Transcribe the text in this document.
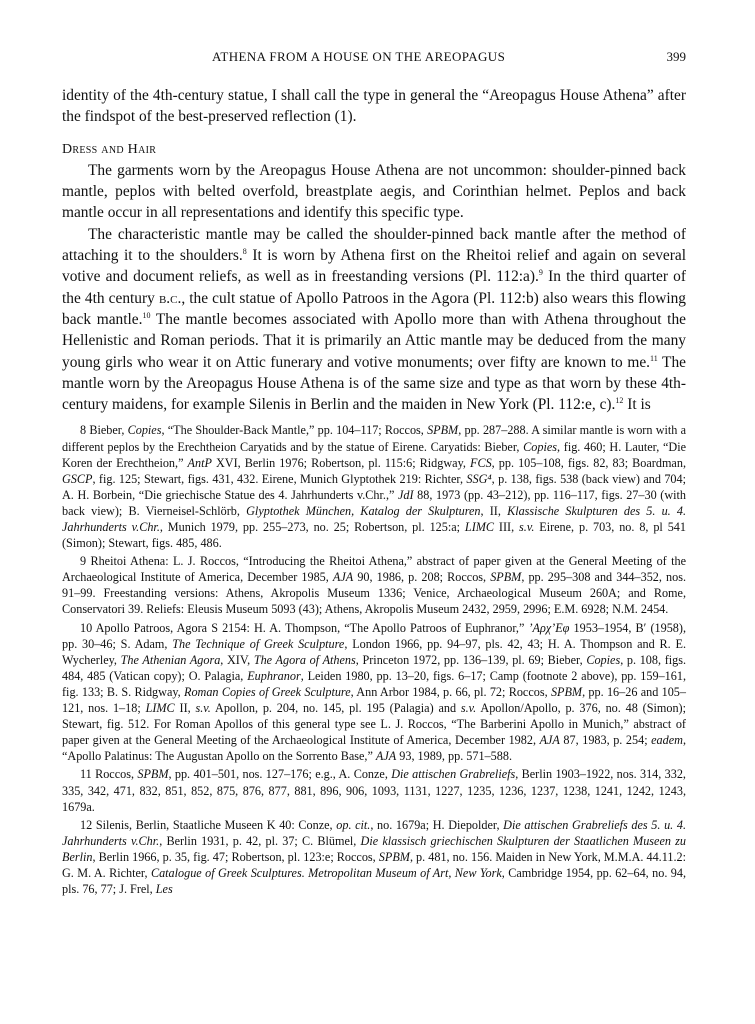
ATHENA FROM A HOUSE ON THE AREOPAGUS	399

identity of the 4th-century statue, I shall call the type in general the “Areopagus House Athena” after the findspot of the best-preserved reflection (1).

Dress and Hair

The garments worn by the Areopagus House Athena are not uncommon: shoulder-pinned back mantle, peplos with belted overfold, breastplate aegis, and Corinthian helmet. Peplos and back mantle occur in all representations and identify this specific type.

The characteristic mantle may be called the shoulder-pinned back mantle after the method of attaching it to the shoulders.$^8$ It is worn by Athena first on the Rheitoi relief and again on several votive and document reliefs, as well as in freestanding versions (Pl. 112:a).$^9$ In the third quarter of the 4th century b.c., the cult statue of Apollo Patroos in the Agora (Pl. 112:b) also wears this flowing back mantle.$^{10}$ The mantle becomes associated with Apollo more than with Athena throughout the Hellenistic and Roman periods. That it is primarily an Attic mantle may be deduced from the many young girls who wear it on Attic funerary and votive monuments; over fifty are known to me.$^{11}$ The mantle worn by the Areopagus House Athena is of the same size and type as that worn by these 4th-century maidens, for example Silenis in Berlin and the maiden in New York (Pl. 112:e, c).$^{12}$ It is

8 Bieber, Copies, “The Shoulder-Back Mantle,” pp. 104–117; Roccos, SPBM, pp. 287–288. A similar mantle is worn with a different peplos by the Erechtheion Caryatids and by the statue of Eirene. Caryatids: Bieber, Copies, fig. 460; H. Lauter, “Die Koren der Erechtheion,” AntP XVI, Berlin 1976; Robertson, pl. 115:6; Ridgway, FCS, pp. 105–108, figs. 82, 83; Boardman, GSCP, fig. 125; Stewart, figs. 431, 432. Eirene, Munich Glyptothek 219: Richter, SSG⁴, p. 138, figs. 538 (back view) and 704; A. H. Borbein, “Die griechische Statue des 4. Jahrhunderts v.Chr.,” JdI 88, 1973 (pp. 43–212), pp. 116–117, figs. 27–30 (with back view); B. Vierneisel-Schlörb, Glyptothek München, Katalog der Skulpturen, II, Klassische Skulpturen des 5. u. 4. Jahrhunderts v.Chr., Munich 1979, pp. 255–273, no. 25; Robertson, pl. 125:a; LIMC III, s.v. Eirene, p. 703, no. 8, pl 541 (Simon); Stewart, figs. 485, 486.

9 Rheitoi Athena: L. J. Roccos, “Introducing the Rheitoi Athena,” abstract of paper given at the General Meeting of the Archaeological Institute of America, December 1985, AJA 90, 1986, p. 208; Roccos, SPBM, pp. 295–308 and 344–352, nos. 91–99. Freestanding versions: Athens, Akropolis Museum 1336; Venice, Archaeological Museum 260A; and Rome, Conservatori 39. Reliefs: Eleusis Museum 5093 (43); Athens, Akropolis Museum 2432, 2959, 2996; E.M. 6928; N.M. 2454.

10 Apollo Patroos, Agora S 2154: H. A. Thompson, “The Apollo Patroos of Euphranor,” ’Αρχ’Εφ 1953–1954, Β′ (1958), pp. 30–46; S. Adam, The Technique of Greek Sculpture, London 1966, pp. 94–97, pls. 42, 43; H. A. Thompson and R. E. Wycherley, The Athenian Agora, XIV, The Agora of Athens, Princeton 1972, pp. 136–139, pl. 69; Bieber, Copies, p. 108, figs. 484, 485 (Vatican copy); O. Palagia, Euphranor, Leiden 1980, pp. 13–20, figs. 6–17; Camp (footnote 2 above), pp. 159–161, fig. 133; B. S. Ridgway, Roman Copies of Greek Sculpture, Ann Arbor 1984, p. 66, pl. 72; Roccos, SPBM, pp. 16–26 and 105–121, nos. 1–18; LIMC II, s.v. Apollon, p. 204, no. 145, pl. 195 (Palagia) and s.v. Apollon/Apollo, p. 376, no. 48 (Simon); Stewart, fig. 512. For Roman Apollos of this general type see L. J. Roccos, “The Barberini Apollo in Munich,” abstract of paper given at the General Meeting of the Archaeological Institute of America, December 1982, AJA 87, 1983, p. 254; eadem, “Apollo Palatinus: The Augustan Apollo on the Sorrento Base,” AJA 93, 1989, pp. 571–588.

11 Roccos, SPBM, pp. 401–501, nos. 127–176; e.g., A. Conze, Die attischen Grabreliefs, Berlin 1903–1922, nos. 314, 332, 335, 342, 471, 832, 851, 852, 875, 876, 877, 881, 896, 906, 1093, 1131, 1227, 1235, 1236, 1237, 1238, 1241, 1242, 1243, 1679a.

12 Silenis, Berlin, Staatliche Museen K 40: Conze, op. cit., no. 1679a; H. Diepolder, Die attischen Grabreliefs des 5. u. 4. Jahrhunderts v.Chr., Berlin 1931, p. 42, pl. 37; C. Blümel, Die klassisch griechischen Skulpturen der Staatlichen Museen zu Berlin, Berlin 1966, p. 35, fig. 47; Robertson, pl. 123:e; Roccos, SPBM, p. 481, no. 156. Maiden in New York, M.M.A. 44.11.2: G. M. A. Richter, Catalogue of Greek Sculptures. Metropolitan Museum of Art, New York, Cambridge 1954, pp. 62–64, no. 94, pls. 76, 77; J. Frel, Les
